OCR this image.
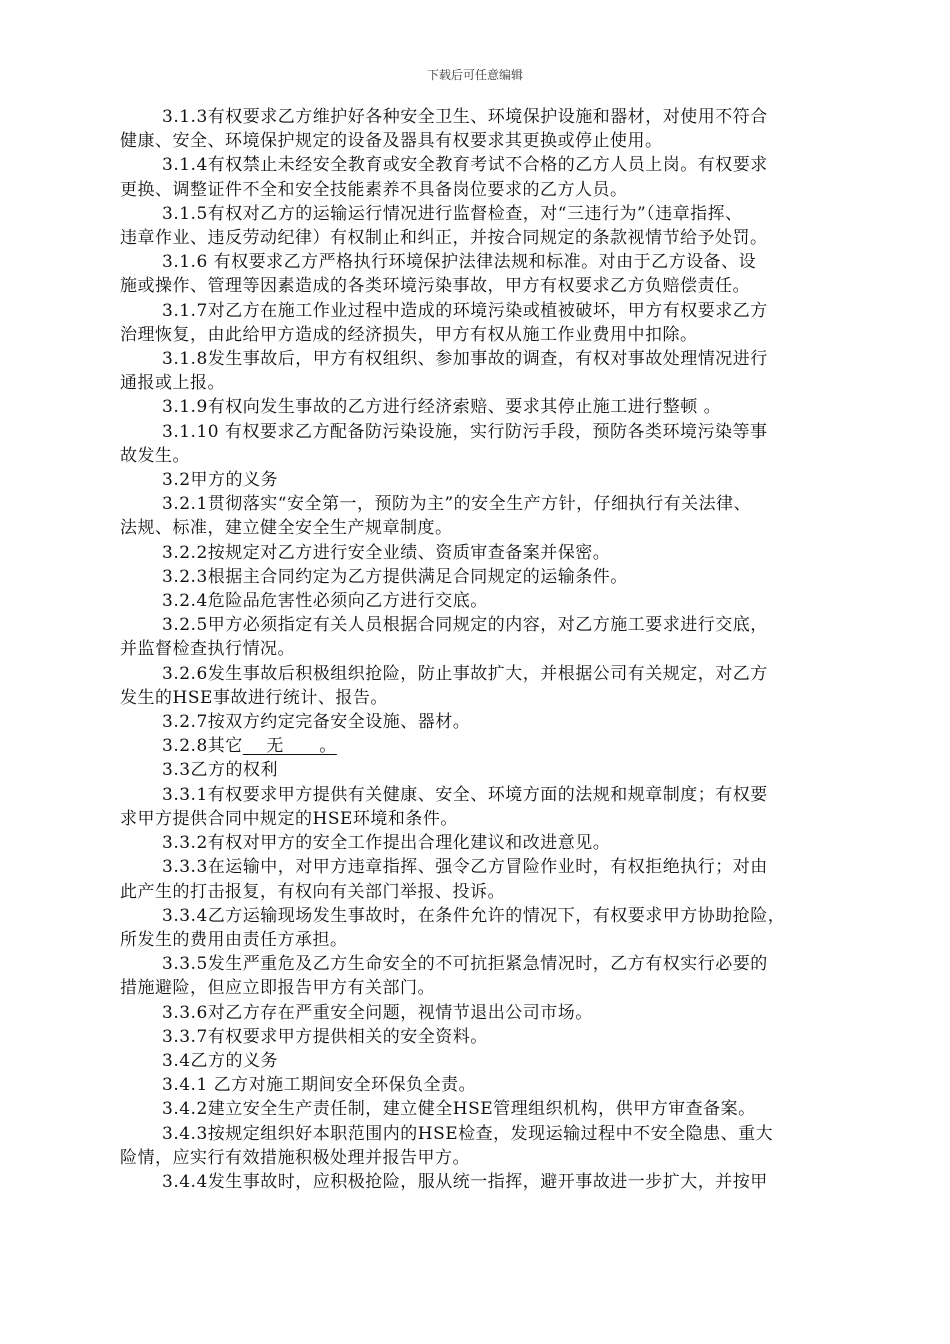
下载后可任意编辑
3.1.3有权要求乙方维护好各种安全卫生、环境保护设施和器材，对使用不符合
健康、安全、环境保护规定的设备及器具有权要求其更换或停止使用。
3.1.4有权禁止未经安全教育或安全教育考试不合格的乙方人员上岗。有权要求
更换、调整证件不全和安全技能素养不具备岗位要求的乙方人员。
3.1.5有权对乙方的运输运行情况进行监督检查，对“三违行为”（违章指挥、
违章作业、违反劳动纪律）有权制止和纠正，并按合同规定的条款视情节给予处罚。
3.1.6 有权要求乙方严格执行环境保护法律法规和标准。对由于乙方设备、设
施或操作、管理等因素造成的各类环境污染事故，甲方有权要求乙方负赔偿责任。
3.1.7对乙方在施工作业过程中造成的环境污染或植被破坏，甲方有权要求乙方
治理恢复，由此给甲方造成的经济损失，甲方有权从施工作业费用中扣除。
3.1.8发生事故后，甲方有权组织、参加事故的调查，有权对事故处理情况进行
通报或上报。
3.1.9有权向发生事故的乙方进行经济索赔、要求其停止施工进行整顿 。
3.1.10 有权要求乙方配备防污染设施，实行防污手段，预防各类环境污染等事
故发生。
3.2甲方的义务
3.2.1贯彻落实“安全第一，预防为主”的安全生产方针，仔细执行有关法律、
法规、标准，建立健全安全生产规章制度。
3.2.2按规定对乙方进行安全业绩、资质审查备案并保密。
3.2.3根据主合同约定为乙方提供满足合同规定的运输条件。
3.2.4危险品危害性必须向乙方进行交底。
3.2.5甲方必须指定有关人员根据合同规定的内容，对乙方施工要求进行交底，
并监督检查执行情况。
3.2.6发生事故后积极组织抢险，防止事故扩大，并根据公司有关规定，对乙方
发生的HSE事故进行统计、报告。
3.2.7按双方约定完备安全设施、器材。
3.2.8其它    无      。
3.3乙方的权利
3.3.1有权要求甲方提供有关健康、安全、环境方面的法规和规章制度；有权要
求甲方提供合同中规定的HSE环境和条件。
3.3.2有权对甲方的安全工作提出合理化建议和改进意见。
3.3.3在运输中，对甲方违章指挥、强令乙方冒险作业时，有权拒绝执行；对由
此产生的打击报复，有权向有关部门举报、投诉。
3.3.4乙方运输现场发生事故时，在条件允许的情况下，有权要求甲方协助抢险，
所发生的费用由责任方承担。
3.3.5发生严重危及乙方生命安全的不可抗拒紧急情况时，乙方有权实行必要的
措施避险，但应立即报告甲方有关部门。
3.3.6对乙方存在严重安全问题，视情节退出公司市场。
3.3.7有权要求甲方提供相关的安全资料。
3.4乙方的义务
3.4.1 乙方对施工期间安全环保负全责。
3.4.2建立安全生产责任制，建立健全HSE管理组织机构，供甲方审查备案。
3.4.3按规定组织好本职范围内的HSE检查，发现运输过程中不安全隐患、重大
险情，应实行有效措施积极处理并报告甲方。
3.4.4发生事故时，应积极抢险，服从统一指挥，避开事故进一步扩大，并按甲
